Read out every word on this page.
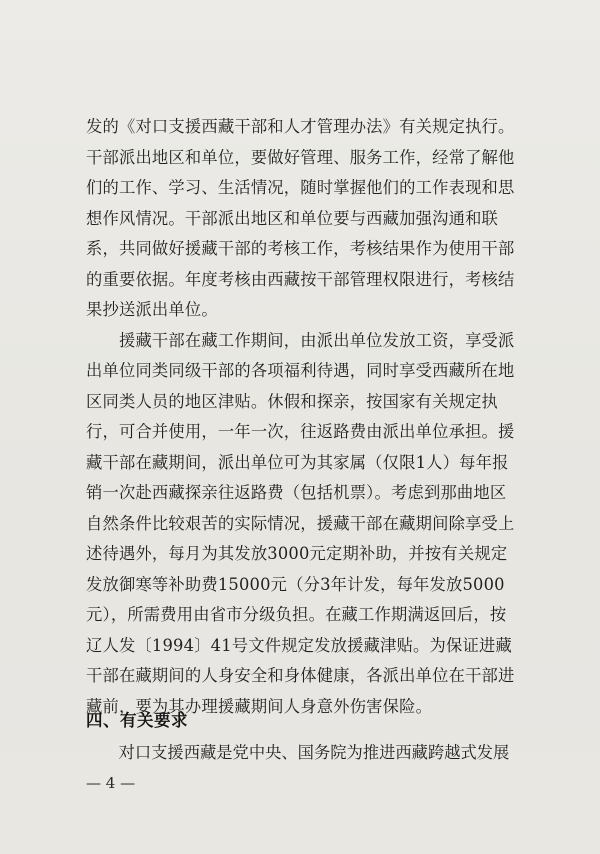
发的《对口支援西藏干部和人才管理办法》有关规定执行。
干部派出地区和单位，要做好管理、服务工作，经常了解他
们的工作、学习、生活情况，随时掌握他们的工作表现和思
想作风情况。干部派出地区和单位要与西藏加强沟通和联
系，共同做好援藏干部的考核工作，考核结果作为使用干部
的重要依据。年度考核由西藏按干部管理权限进行，考核结
果抄送派出单位。
　　援藏干部在藏工作期间，由派出单位发放工资，享受派
出单位同类同级干部的各项福利待遇，同时享受西藏所在地
区同类人员的地区津贴。休假和探亲，按国家有关规定执
行，可合并使用，一年一次，往返路费由派出单位承担。援
藏干部在藏期间，派出单位可为其家属（仅限1人）每年报
销一次赴西藏探亲往返路费（包括机票）。考虑到那曲地区
自然条件比较艰苦的实际情况，援藏干部在藏期间除享受上
述待遇外，每月为其发放3000元定期补助，并按有关规定
发放御寒等补助费15000元（分3年计发，每年发放5000
元），所需费用由省市分级负担。在藏工作期满返回后，按
辽人发〔1994〕41号文件规定发放援藏津贴。为保证进藏
干部在藏期间的人身安全和身体健康，各派出单位在干部进
藏前，要为其办理援藏期间人身意外伤害保险。
四、有关要求
　　对口支援西藏是党中央、国务院为推进西藏跨越式发展
— 4 —
